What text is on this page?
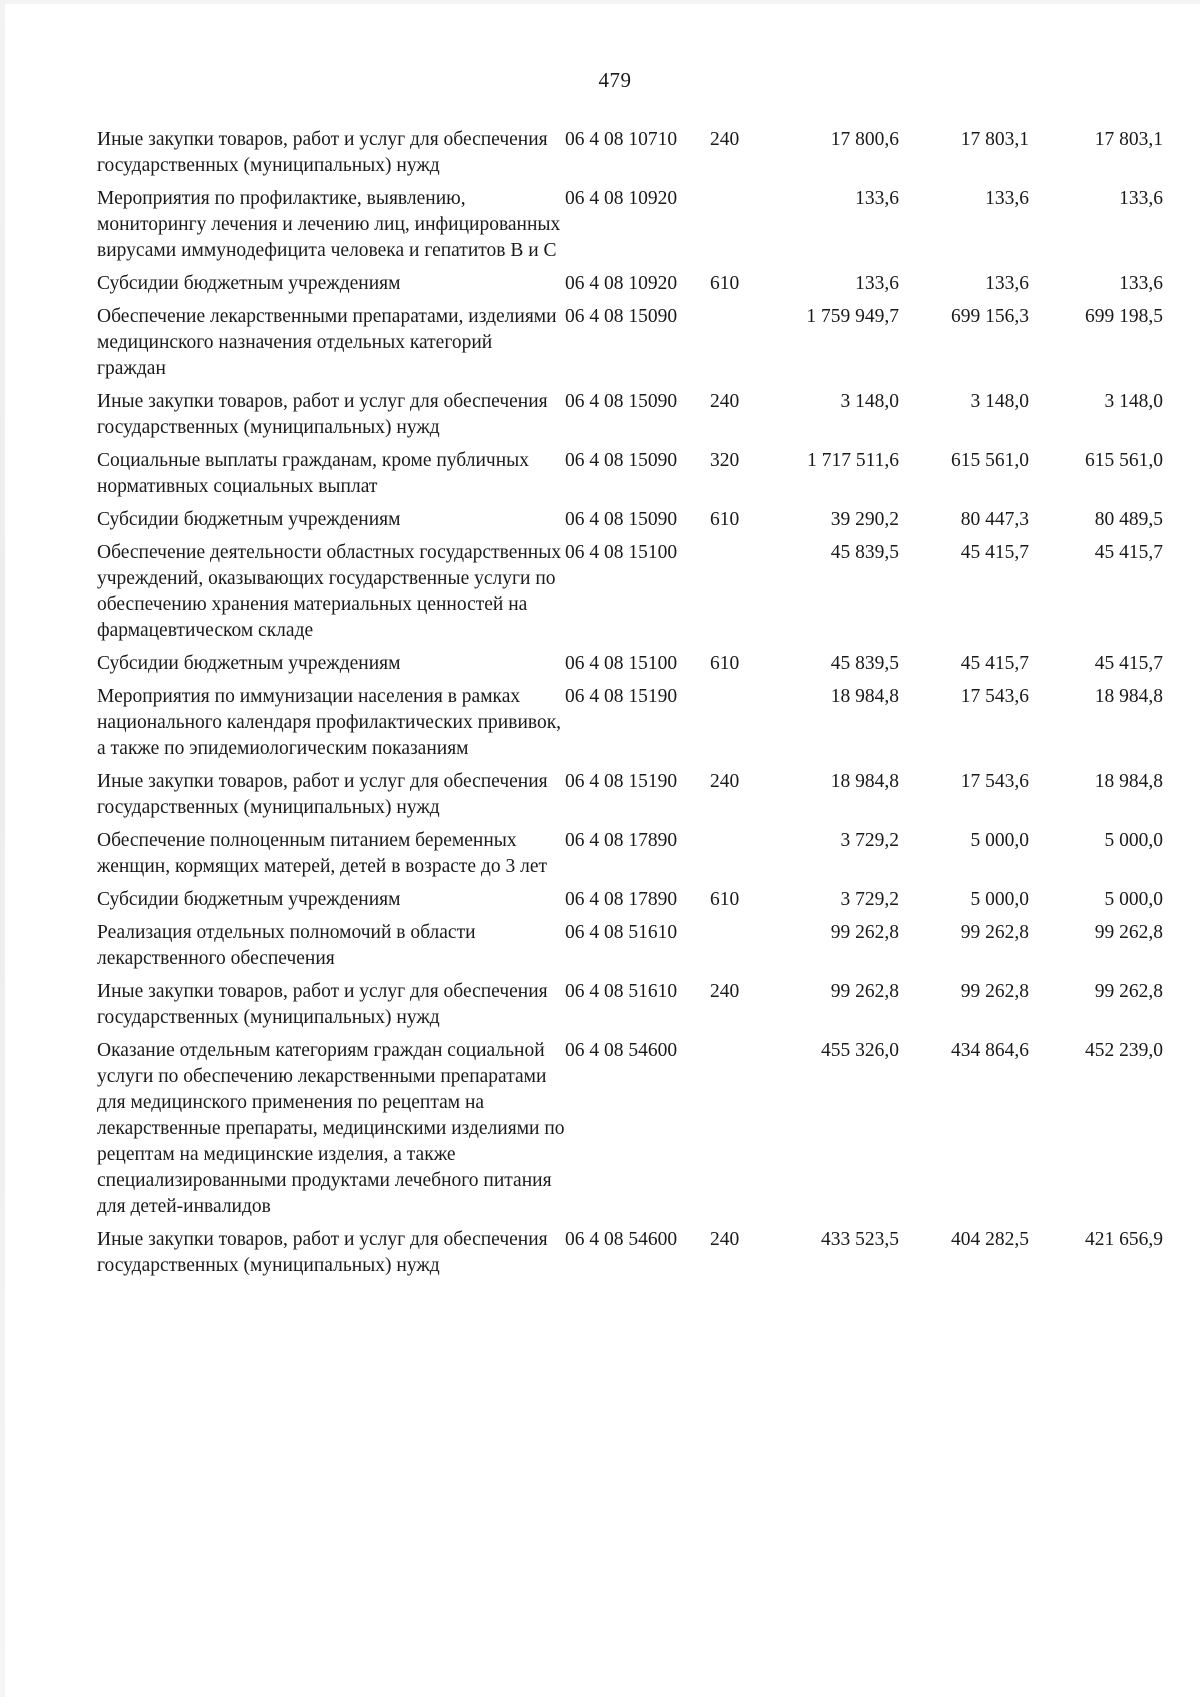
479
Иные закупки товаров, работ и услуг для обеспечения государственных (муниципальных) нужд	06 4 08 10710	240	17 800,6	17 803,1	17 803,1
Мероприятия по профилактике, выявлению, мониторингу лечения и лечению лиц, инфицированных вирусами иммунодефицита человека и гепатитов В и С	06 4 08 10920		133,6	133,6	133,6
Субсидии бюджетным учреждениям	06 4 08 10920	610	133,6	133,6	133,6
Обеспечение лекарственными препаратами, изделиями медицинского назначения отдельных категорий граждан	06 4 08 15090		1 759 949,7	699 156,3	699 198,5
Иные закупки товаров, работ и услуг для обеспечения государственных (муниципальных) нужд	06 4 08 15090	240	3 148,0	3 148,0	3 148,0
Социальные выплаты гражданам, кроме публичных нормативных социальных выплат	06 4 08 15090	320	1 717 511,6	615 561,0	615 561,0
Субсидии бюджетным учреждениям	06 4 08 15090	610	39 290,2	80 447,3	80 489,5
Обеспечение деятельности областных государственных учреждений, оказывающих государственные услуги по обеспечению хранения материальных ценностей на фармацевтическом складе	06 4 08 15100		45 839,5	45 415,7	45 415,7
Субсидии бюджетным учреждениям	06 4 08 15100	610	45 839,5	45 415,7	45 415,7
Мероприятия по иммунизации населения в рамках национального календаря профилактических прививок, а также по эпидемиологическим показаниям	06 4 08 15190		18 984,8	17 543,6	18 984,8
Иные закупки товаров, работ и услуг для обеспечения государственных (муниципальных) нужд	06 4 08 15190	240	18 984,8	17 543,6	18 984,8
Обеспечение полноценным питанием беременных женщин, кормящих матерей, детей в возрасте до 3 лет	06 4 08 17890		3 729,2	5 000,0	5 000,0
Субсидии бюджетным учреждениям	06 4 08 17890	610	3 729,2	5 000,0	5 000,0
Реализация отдельных полномочий в области лекарственного обеспечения	06 4 08 51610		99 262,8	99 262,8	99 262,8
Иные закупки товаров, работ и услуг для обеспечения государственных (муниципальных) нужд	06 4 08 51610	240	99 262,8	99 262,8	99 262,8
Оказание отдельным категориям граждан социальной услуги по обеспечению лекарственными препаратами для медицинского применения по рецептам на лекарственные препараты, медицинскими изделиями по рецептам на медицинские изделия, а также специализированными продуктами лечебного питания для детей-инвалидов	06 4 08 54600		455 326,0	434 864,6	452 239,0
Иные закупки товаров, работ и услуг для обеспечения государственных (муниципальных) нужд	06 4 08 54600	240	433 523,5	404 282,5	421 656,9
